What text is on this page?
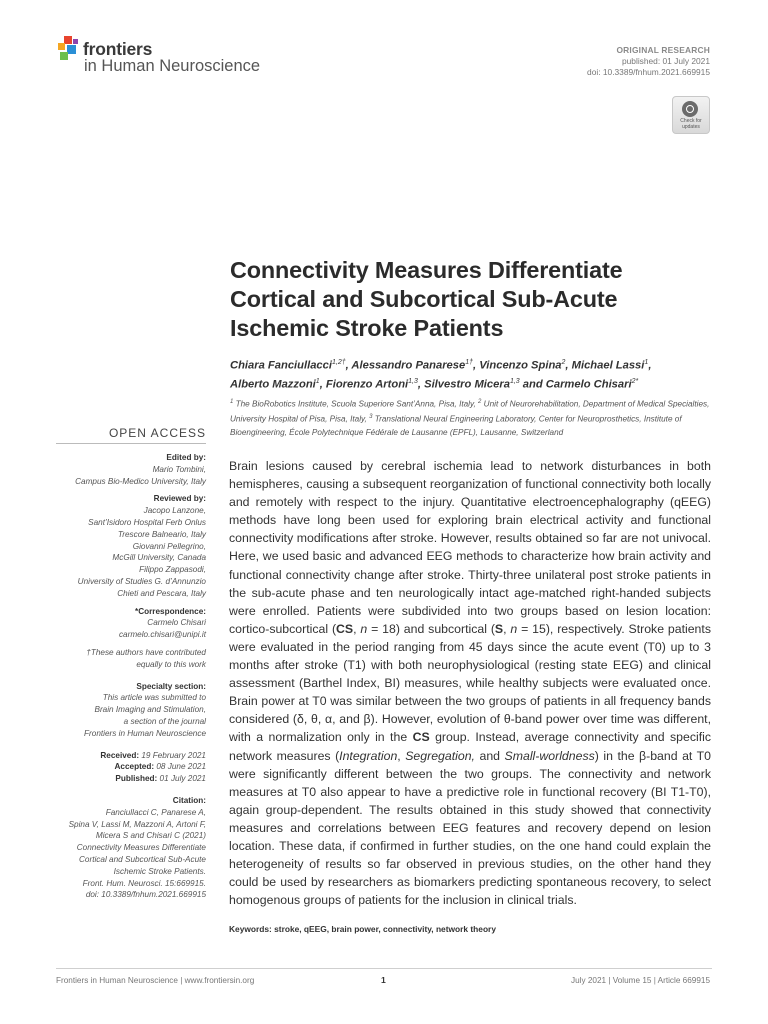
frontiers
in Human Neuroscience
ORIGINAL RESEARCH
published: 01 July 2021
doi: 10.3389/fnhum.2021.669915
Check for updates
Connectivity Measures Differentiate Cortical and Subcortical Sub-Acute Ischemic Stroke Patients
Chiara Fanciullacci$^{1,2\dagger}$, Alessandro Panarese$^{1\dagger}$, Vincenzo Spina$^2$, Michael Lassi$^1$,
Alberto Mazzoni$^1$, Fiorenzo Artoni$^{1,3}$, Silvestro Micera$^{1,3}$ and Carmelo Chisari$^{2*}$
$^1$ The BioRobotics Institute, Scuola Superiore Sant’Anna, Pisa, Italy, $^2$ Unit of Neurorehabilitation, Department of Medical Specialties, University Hospital of Pisa, Pisa, Italy, $^3$ Translational Neural Engineering Laboratory, Center for Neuroprosthetics, Institute of Bioengineering, École Polytechnique Fédérale de Lausanne (EPFL), Lausanne, Switzerland
OPEN ACCESS
Edited by:

Mario Tombini,

Campus Bio-Medico University, Italy

Reviewed by:

Jacopo Lanzone,

Sant’Isidoro Hospital Ferb Onlus

Trescore Balneario, Italy

Giovanni Pellegrino,

McGill University, Canada

Filippo Zappasodi,

University of Studies G. d’Annunzio

Chieti and Pescara, Italy

*Correspondence:

Carmelo Chisari

carmelo.chisari@unipi.it

†These authors have contributed

equally to this work

Specialty section:

This article was submitted to

Brain Imaging and Stimulation,

a section of the journal

Frontiers in Human Neuroscience

Received: 19 February 2021

Accepted: 08 June 2021

Published: 01 July 2021

Citation:

Fanciullacci C, Panarese A,

Spina V, Lassi M, Mazzoni A, Artoni F,

Micera S and Chisari C (2021)

Connectivity Measures Differentiate

Cortical and Subcortical Sub-Acute

Ischemic Stroke Patients.

Front. Hum. Neurosci. 15:669915.

doi: 10.3389/fnhum.2021.669915

Brain lesions caused by cerebral ischemia lead to network disturbances in both hemispheres, causing a subsequent reorganization of functional connectivity both locally and remotely with respect to the injury. Quantitative electroencephalography (qEEG) methods have long been used for exploring brain electrical activity and functional connectivity modifications after stroke. However, results obtained so far are not univocal. Here, we used basic and advanced EEG methods to characterize how brain activity and functional connectivity change after stroke. Thirty-three unilateral post stroke patients in the sub-acute phase and ten neurologically intact age-matched right-handed subjects were enrolled. Patients were subdivided into two groups based on lesion location: cortico-subcortical (CS, n = 18) and subcortical (S, n = 15), respectively. Stroke patients were evaluated in the period ranging from 45 days since the acute event (T0) up to 3 months after stroke (T1) with both neurophysiological (resting state EEG) and clinical assessment (Barthel Index, BI) measures, while healthy subjects were evaluated once. Brain power at T0 was similar between the two groups of patients in all frequency bands considered (δ, θ, α, and β). However, evolution of θ-band power over time was different, with a normalization only in the CS group. Instead, average connectivity and specific network measures (Integration, Segregation, and Small-worldness) in the β-band at T0 were significantly different between the two groups. The connectivity and network measures at T0 also appear to have a predictive role in functional recovery (BI T1-T0), again group-dependent. The results obtained in this study showed that connectivity measures and correlations between EEG features and recovery depend on lesion location. These data, if confirmed in further studies, on the one hand could explain the heterogeneity of results so far observed in previous studies, on the other hand they could be used by researchers as biomarkers predicting spontaneous recovery, to select homogenous groups of patients for the inclusion in clinical trials.
Keywords: stroke, qEEG, brain power, connectivity, network theory
Frontiers in Human Neuroscience | www.frontiersin.org	1	July 2021 | Volume 15 | Article 669915
